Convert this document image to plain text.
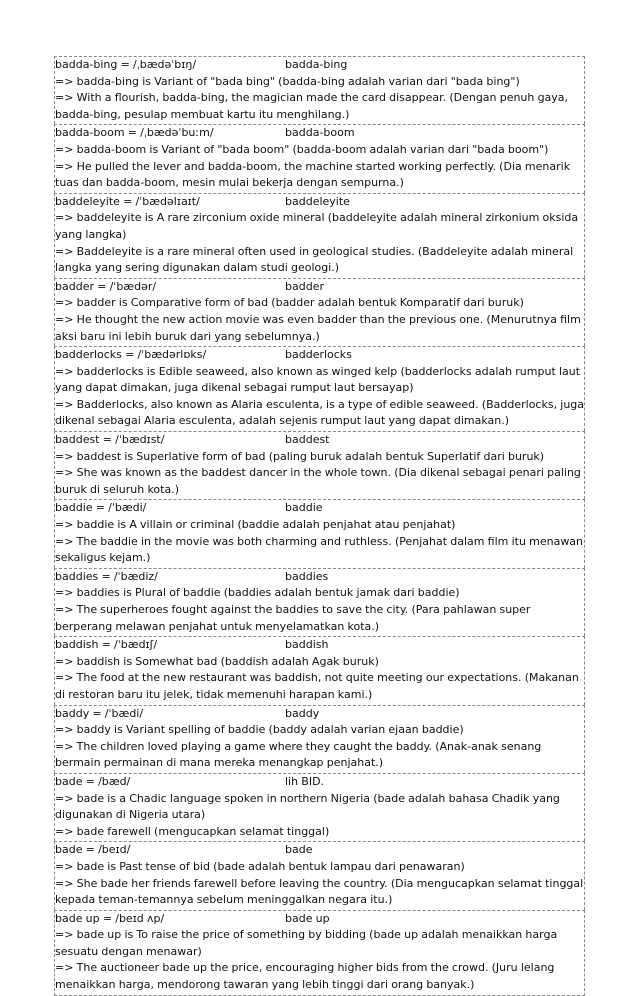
badda-bing = /ˌbædəˈbɪŋ/	badda-bing
=> badda-bing is Variant of "bada bing" (badda-bing adalah varian dari "bada bing")
=> With a flourish, badda-bing, the magician made the card disappear. (Dengan penuh gaya, badda-bing, pesulap membuat kartu itu menghilang.)
badda-boom = /ˌbædəˈbuːm/	badda-boom
=> badda-boom is Variant of "bada boom" (badda-boom adalah varian dari "bada boom")
=> He pulled the lever and badda-boom, the machine started working perfectly. (Dia menarik tuas dan badda-boom, mesin mulai bekerja dengan sempurna.)
baddeleyite = /ˈbædəlɪaɪt/	baddeleyite
=> baddeleyite is A rare zirconium oxide mineral (baddeleyite adalah mineral zirkonium oksida yang langka)
=> Baddeleyite is a rare mineral often used in geological studies. (Baddeleyite adalah mineral langka yang sering digunakan dalam studi geologi.)
badder = /ˈbædər/	badder
=> badder is Comparative form of bad (badder adalah bentuk Komparatif dari buruk)
=> He thought the new action movie was even badder than the previous one. (Menurutnya film aksi baru ini lebih buruk dari yang sebelumnya.)
badderlocks = /ˈbædərlɒks/	badderlocks
=> badderlocks is Edible seaweed, also known as winged kelp (badderlocks adalah rumput laut yang dapat dimakan, juga dikenal sebagai rumput laut bersayap)
=> Badderlocks, also known as Alaria esculenta, is a type of edible seaweed. (Badderlocks, juga dikenal sebagai Alaria esculenta, adalah sejenis rumput laut yang dapat dimakan.)
baddest = /ˈbædɪst/	baddest
=> baddest is Superlative form of bad (paling buruk adalah bentuk Superlatif dari buruk)
=> She was known as the baddest dancer in the whole town. (Dia dikenal sebagai penari paling buruk di seluruh kota.)
baddie = /ˈbædi/	baddie
=> baddie is A villain or criminal (baddie adalah penjahat atau penjahat)
=> The baddie in the movie was both charming and ruthless. (Penjahat dalam film itu menawan sekaligus kejam.)
baddies = /ˈbædiz/	baddies
=> baddies is Plural of baddie (baddies adalah bentuk jamak dari baddie)
=> The superheroes fought against the baddies to save the city. (Para pahlawan super berperang melawan penjahat untuk menyelamatkan kota.)
baddish = /ˈbædɪʃ/	baddish
=> baddish is Somewhat bad (baddish adalah Agak buruk)
=> The food at the new restaurant was baddish, not quite meeting our expectations. (Makanan di restoran baru itu jelek, tidak memenuhi harapan kami.)
baddy = /ˈbædi/	baddy
=> baddy is Variant spelling of baddie (baddy adalah varian ejaan baddie)
=> The children loved playing a game where they caught the baddy. (Anak-anak senang bermain permainan di mana mereka menangkap penjahat.)
bade = /bæd/	lih BID.
=> bade is a Chadic language spoken in northern Nigeria (bade adalah bahasa Chadik yang digunakan di Nigeria utara)
=> bade farewell (mengucapkan selamat tinggal)
bade = /beɪd/	bade
=> bade is Past tense of bid (bade adalah bentuk lampau dari penawaran)
=> She bade her friends farewell before leaving the country. (Dia mengucapkan selamat tinggal kepada teman-temannya sebelum meninggalkan negara itu.)
bade up = /beɪd ʌp/	bade up
=> bade up is To raise the price of something by bidding (bade up adalah menaikkan harga sesuatu dengan menawar)
=> The auctioneer bade up the price, encouraging higher bids from the crowd. (Juru lelang menaikkan harga, mendorong tawaran yang lebih tinggi dari orang banyak.)
